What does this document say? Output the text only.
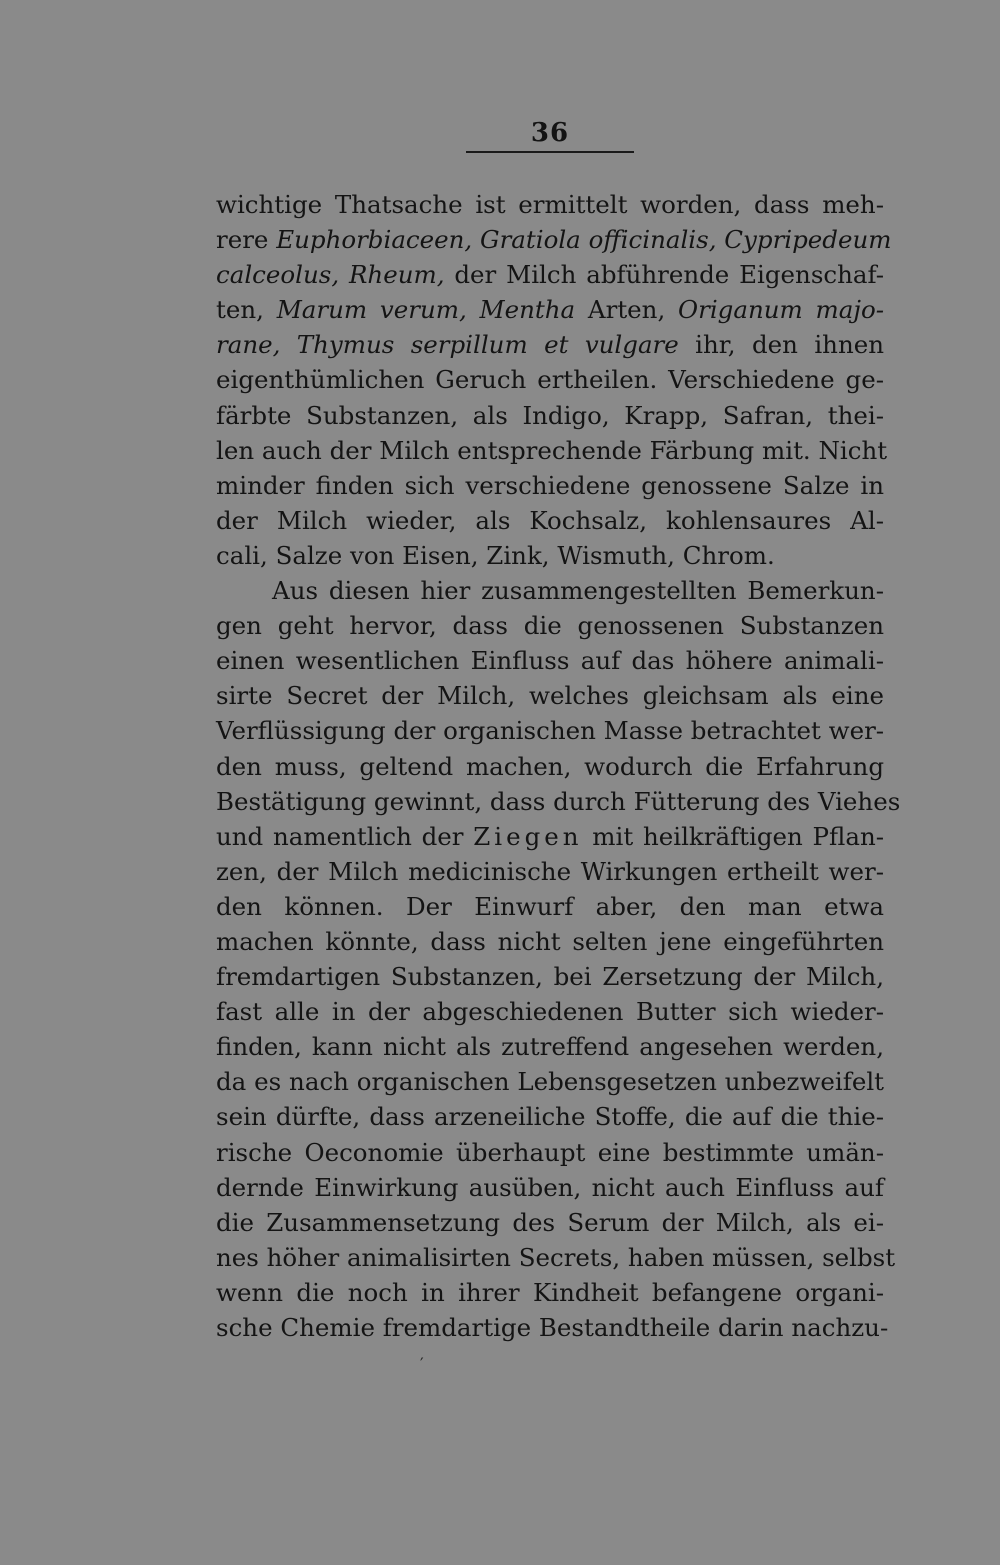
36
wichtige Thatsache ist ermittelt worden, dass meh-
rere Euphorbiaceen, Gratiola officinalis, Cypripedeum
calceolus, Rheum, der Milch abführende Eigenschaf-
ten, Marum verum, Mentha Arten, Origanum majo-
rane, Thymus serpillum et vulgare ihr, den ihnen
eigenthümlichen Geruch ertheilen. Verschiedene ge-
färbte Substanzen, als Indigo, Krapp, Safran, thei-
len auch der Milch entsprechende Färbung mit. Nicht
minder finden sich verschiedene genossene Salze in
der Milch wieder, als Kochsalz, kohlensaures Al-
cali, Salze von Eisen, Zink, Wismuth, Chrom.
Aus diesen hier zusammengestellten Bemerkun-
gen geht hervor, dass die genossenen Substanzen
einen wesentlichen Einfluss auf das höhere animali-
sirte Secret der Milch, welches gleichsam als eine
Verflüssigung der organischen Masse betrachtet wer-
den muss, geltend machen, wodurch die Erfahrung
Bestätigung gewinnt, dass durch Fütterung des Viehes
und namentlich der Ziegen mit heilkräftigen Pflan-
zen, der Milch medicinische Wirkungen ertheilt wer-
den können. Der Einwurf aber, den man etwa
machen könnte, dass nicht selten jene eingeführten
fremdartigen Substanzen, bei Zersetzung der Milch,
fast alle in der abgeschiedenen Butter sich wieder-
finden, kann nicht als zutreffend angesehen werden,
da es nach organischen Lebensgesetzen unbezweifelt
sein dürfte, dass arzeneiliche Stoffe, die auf die thie-
rische Oeconomie überhaupt eine bestimmte umän-
dernde Einwirkung ausüben, nicht auch Einfluss auf
die Zusammensetzung des Serum der Milch, als ei-
nes höher animalisirten Secrets, haben müssen, selbst
wenn die noch in ihrer Kindheit befangene organi-
sche Chemie fremdartige Bestandtheile darin nachzu-
′
